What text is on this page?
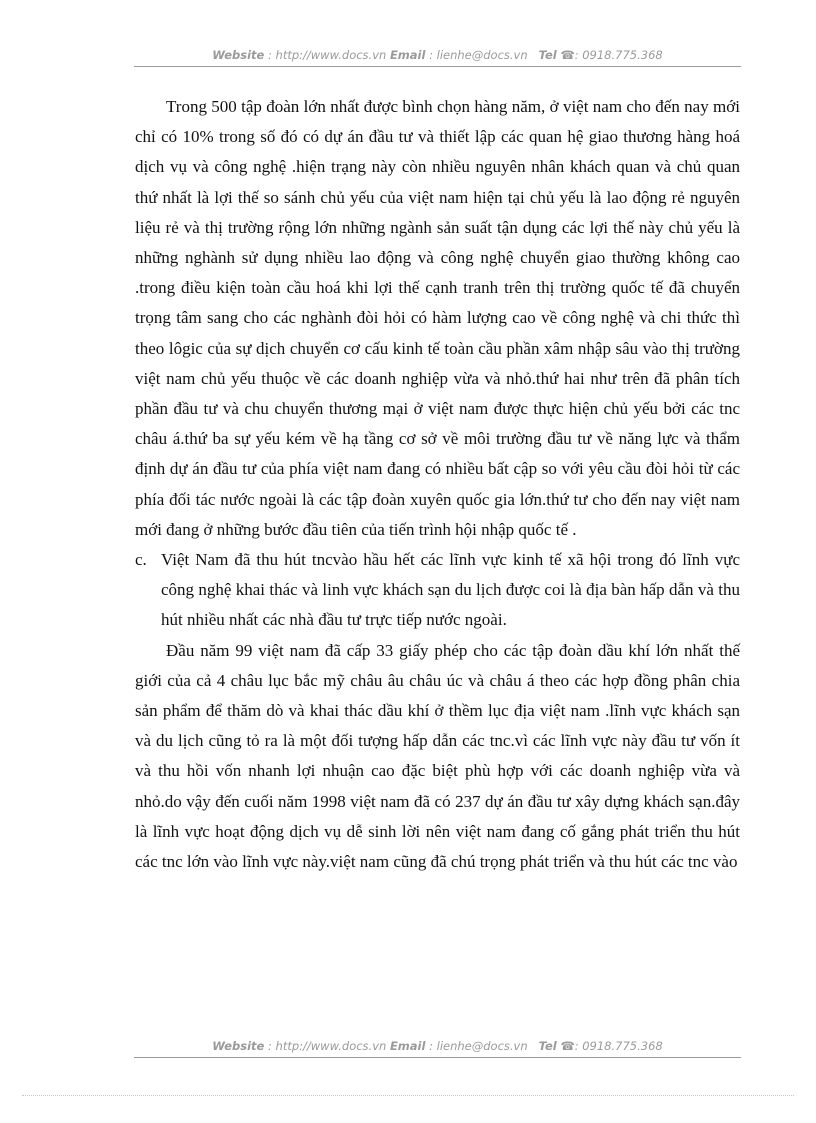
Website : http://www.docs.vn Email : lienhe@docs.vn   Tel ☎: 0918.775.368

Trong 500 tập đoàn lớn nhất được bình chọn hàng năm, ở việt nam cho đến nay mới chỉ có 10% trong số đó có dự án đầu tư và thiết lập các quan hệ giao thương hàng hoá dịch vụ và công nghệ .hiện trạng này còn nhiều nguyên nhân khách quan và chủ quan thứ nhất là lợi thế so sánh chủ yếu của việt nam hiện tại chủ yếu là lao động rẻ nguyên liệu rẻ và thị trường rộng lớn những ngành sản suất tận dụng các lợi thế này chủ yếu là những nghành sử dụng nhiều lao động và công nghệ chuyển giao thường không cao .trong điều kiện toàn cầu hoá khi lợi thế cạnh tranh trên thị trường quốc tế đã chuyển trọng tâm sang cho các nghành đòi hỏi có hàm lượng cao về công nghệ và chi thức thì theo lôgic của sự dịch chuyển cơ cấu kinh tế toàn cầu phần xâm nhập sâu vào thị trường việt nam chủ yếu thuộc về các doanh nghiệp vừa và nhỏ.thứ hai như trên đã phân tích phần đầu tư và chu chuyển thương mại ở việt nam được thực hiện chủ yếu bởi các tnc châu á.thứ ba sự yếu kém về hạ tầng cơ sở về môi trường đầu tư về năng lực và thẩm định dự án đầu tư của phía việt nam đang có nhiều bất cập so với yêu cầu đòi hỏi từ các phía đối tác nước ngoài là các tập đoàn xuyên quốc gia lớn.thứ tư cho đến nay việt nam mới đang ở những bước đầu tiên của tiến trình hội nhập quốc tế .

c. Việt Nam đã thu hút tncvào hầu hết các lĩnh vực kinh tế xã hội trong đó lĩnh vực công nghệ khai thác và linh vực khách sạn du lịch được coi là địa bàn hấp dẫn và thu hút nhiều nhất các nhà đầu tư trực tiếp nước ngoài.

Đầu năm 99 việt nam đã cấp 33 giấy phép cho các tập đoàn dầu khí lớn nhất thế giới của cả 4 châu lục bắc mỹ châu âu châu úc và châu á theo các hợp đồng phân chia sản phẩm để thăm dò và khai thác dầu khí ở thềm lục địa việt nam .lĩnh vực khách sạn và du lịch cũng tỏ ra là một đối tượng hấp dẫn các tnc.vì các lĩnh vực này đầu tư vốn ít và thu hồi vốn nhanh lợi nhuận cao đặc biệt phù hợp với các doanh nghiệp vừa và nhỏ.do vậy đến cuối năm 1998 việt nam đã có 237 dự án đầu tư xây dựng khách sạn.đây là lĩnh vực hoạt động dịch vụ dễ sinh lời nên việt nam đang cố gắng phát triển thu hút các tnc lớn vào lĩnh vực này.việt nam cũng đã chú trọng phát triển và thu hút các tnc vào

Website : http://www.docs.vn Email : lienhe@docs.vn   Tel ☎: 0918.775.368
